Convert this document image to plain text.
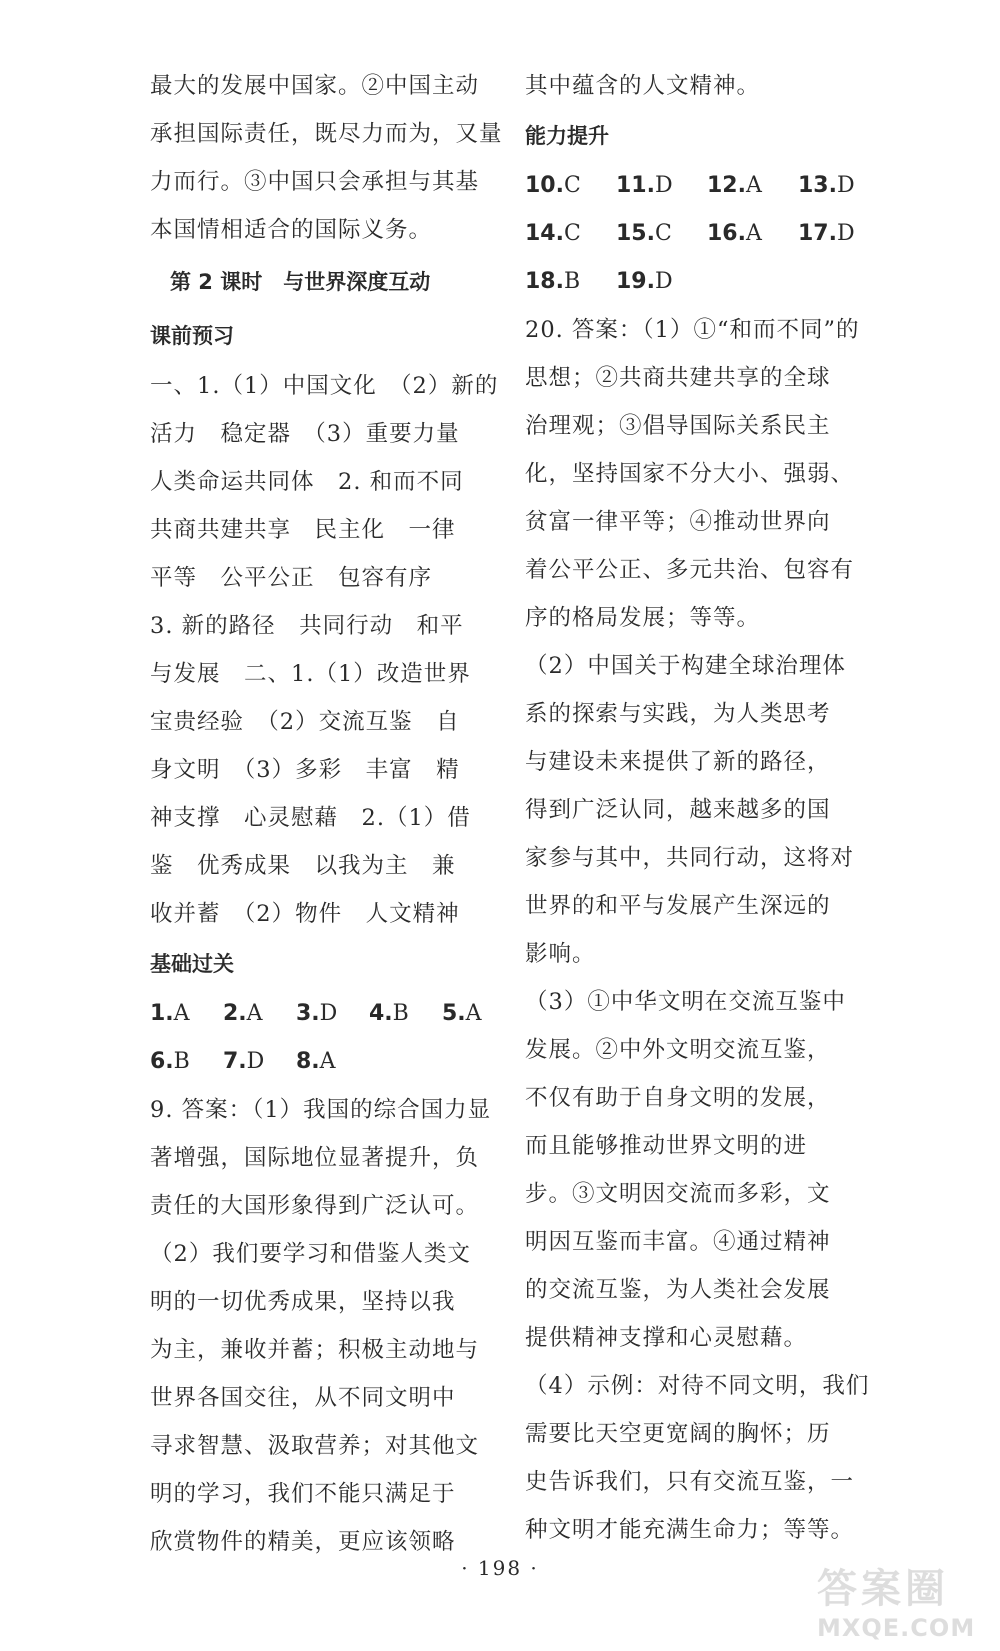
最大的发展中国家。②中国主动
承担国际责任，既尽力而为，又量
力而行。③中国只会承担与其基
本国情相适合的国际义务。
第 2 课时　与世界深度互动
课前预习
一、1.（1）中国文化　（2）新的
活力　稳定器　（3）重要力量
人类命运共同体　2. 和而不同
共商共建共享　民主化　一律
平等　公平公正　包容有序
3. 新的路径　共同行动　和平
与发展　二、1.（1）改造世界
宝贵经验　（2）交流互鉴　自
身文明　（3）多彩　丰富　精
神支撑　心灵慰藉　2.（1）借
鉴　优秀成果　以我为主　兼
收并蓄　（2）物件　人文精神
基础过关
1.A 2.A 3.D 4.B 5.A
6.B 7.D 8.A
9. 答案：（1）我国的综合国力显
著增强，国际地位显著提升，负
责任的大国形象得到广泛认可。
（2）我们要学习和借鉴人类文
明的一切优秀成果，坚持以我
为主，兼收并蓄；积极主动地与
世界各国交往，从不同文明中
寻求智慧、汲取营养；对其他文
明的学习，我们不能只满足于
欣赏物件的精美，更应该领略
其中蕴含的人文精神。
能力提升
10.C 11.D 12.A 13.D
14.C 15.C 16.A 17.D
18.B 19.D
20. 答案：（1）①“和而不同”的
思想；②共商共建共享的全球
治理观；③倡导国际关系民主
化，坚持国家不分大小、强弱、
贫富一律平等；④推动世界向
着公平公正、多元共治、包容有
序的格局发展；等等。
（2）中国关于构建全球治理体
系的探索与实践，为人类思考
与建设未来提供了新的路径，
得到广泛认同，越来越多的国
家参与其中，共同行动，这将对
世界的和平与发展产生深远的
影响。
（3）①中华文明在交流互鉴中
发展。②中外文明交流互鉴，
不仅有助于自身文明的发展，
而且能够推动世界文明的进
步。③文明因交流而多彩，文
明因互鉴而丰富。④通过精神
的交流互鉴，为人类社会发展
提供精神支撑和心灵慰藉。
（4）示例：对待不同文明，我们
需要比天空更宽阔的胸怀；历
史告诉我们，只有交流互鉴，一
种文明才能充满生命力；等等。
· 198 ·	答案圈
MXQE.COM
